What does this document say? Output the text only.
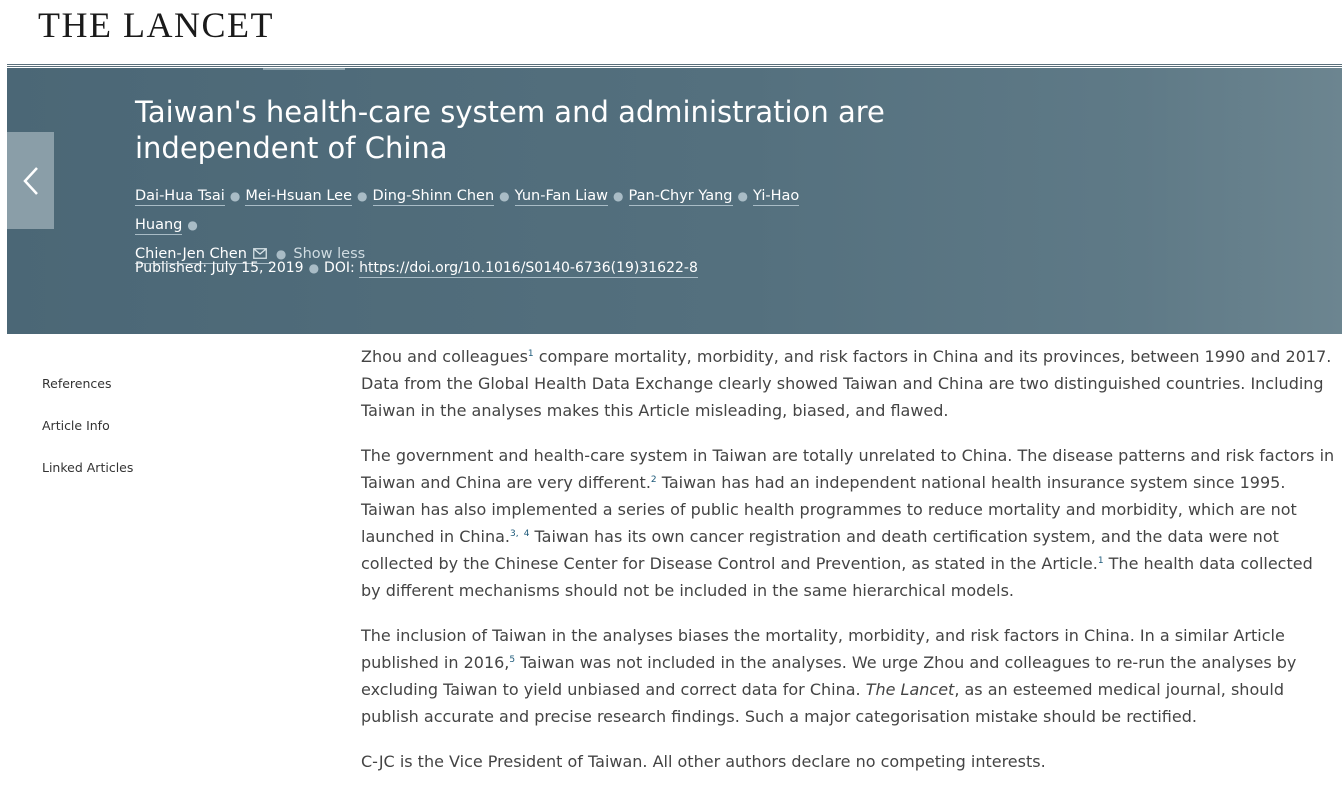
THE LANCET
Taiwan's health-care system and administration are independent of China
Dai-Hua Tsai ● Mei-Hsuan Lee ● Ding-Shinn Chen ● Yun-Fan Liaw ● Pan-Chyr Yang ● Yi-Hao Huang ●
Chien-Jen Chen ● Show less
Published: July 15, 2019 ● DOI: https://doi.org/10.1016/S0140-6736(19)31622-8
References
Article Info
Linked Articles

Zhou and colleagues$^1$ compare mortality, morbidity, and risk factors in China and its provinces, between 1990 and 2017. Data from the Global Health Data Exchange clearly showed Taiwan and China are two distinguished countries. Including Taiwan in the analyses makes this Article misleading, biased, and flawed.

The government and health-care system in Taiwan are totally unrelated to China. The disease patterns and risk factors in Taiwan and China are very different.$^2$ Taiwan has had an independent national health insurance system since 1995. Taiwan has also implemented a series of public health programmes to reduce mortality and morbidity, which are not launched in China.$^{3,}$ $^4$ Taiwan has its own cancer registration and death certification system, and the data were not collected by the Chinese Center for Disease Control and Prevention, as stated in the Article.$^1$ The health data collected by different mechanisms should not be included in the same hierarchical models.

The inclusion of Taiwan in the analyses biases the mortality, morbidity, and risk factors in China. In a similar Article published in 2016,$^5$ Taiwan was not included in the analyses. We urge Zhou and colleagues to re-run the analyses by excluding Taiwan to yield unbiased and correct data for China. The Lancet, as an esteemed medical journal, should publish accurate and precise research findings. Such a major categorisation mistake should be rectified.

C-JC is the Vice President of Taiwan. All other authors declare no competing interests.
